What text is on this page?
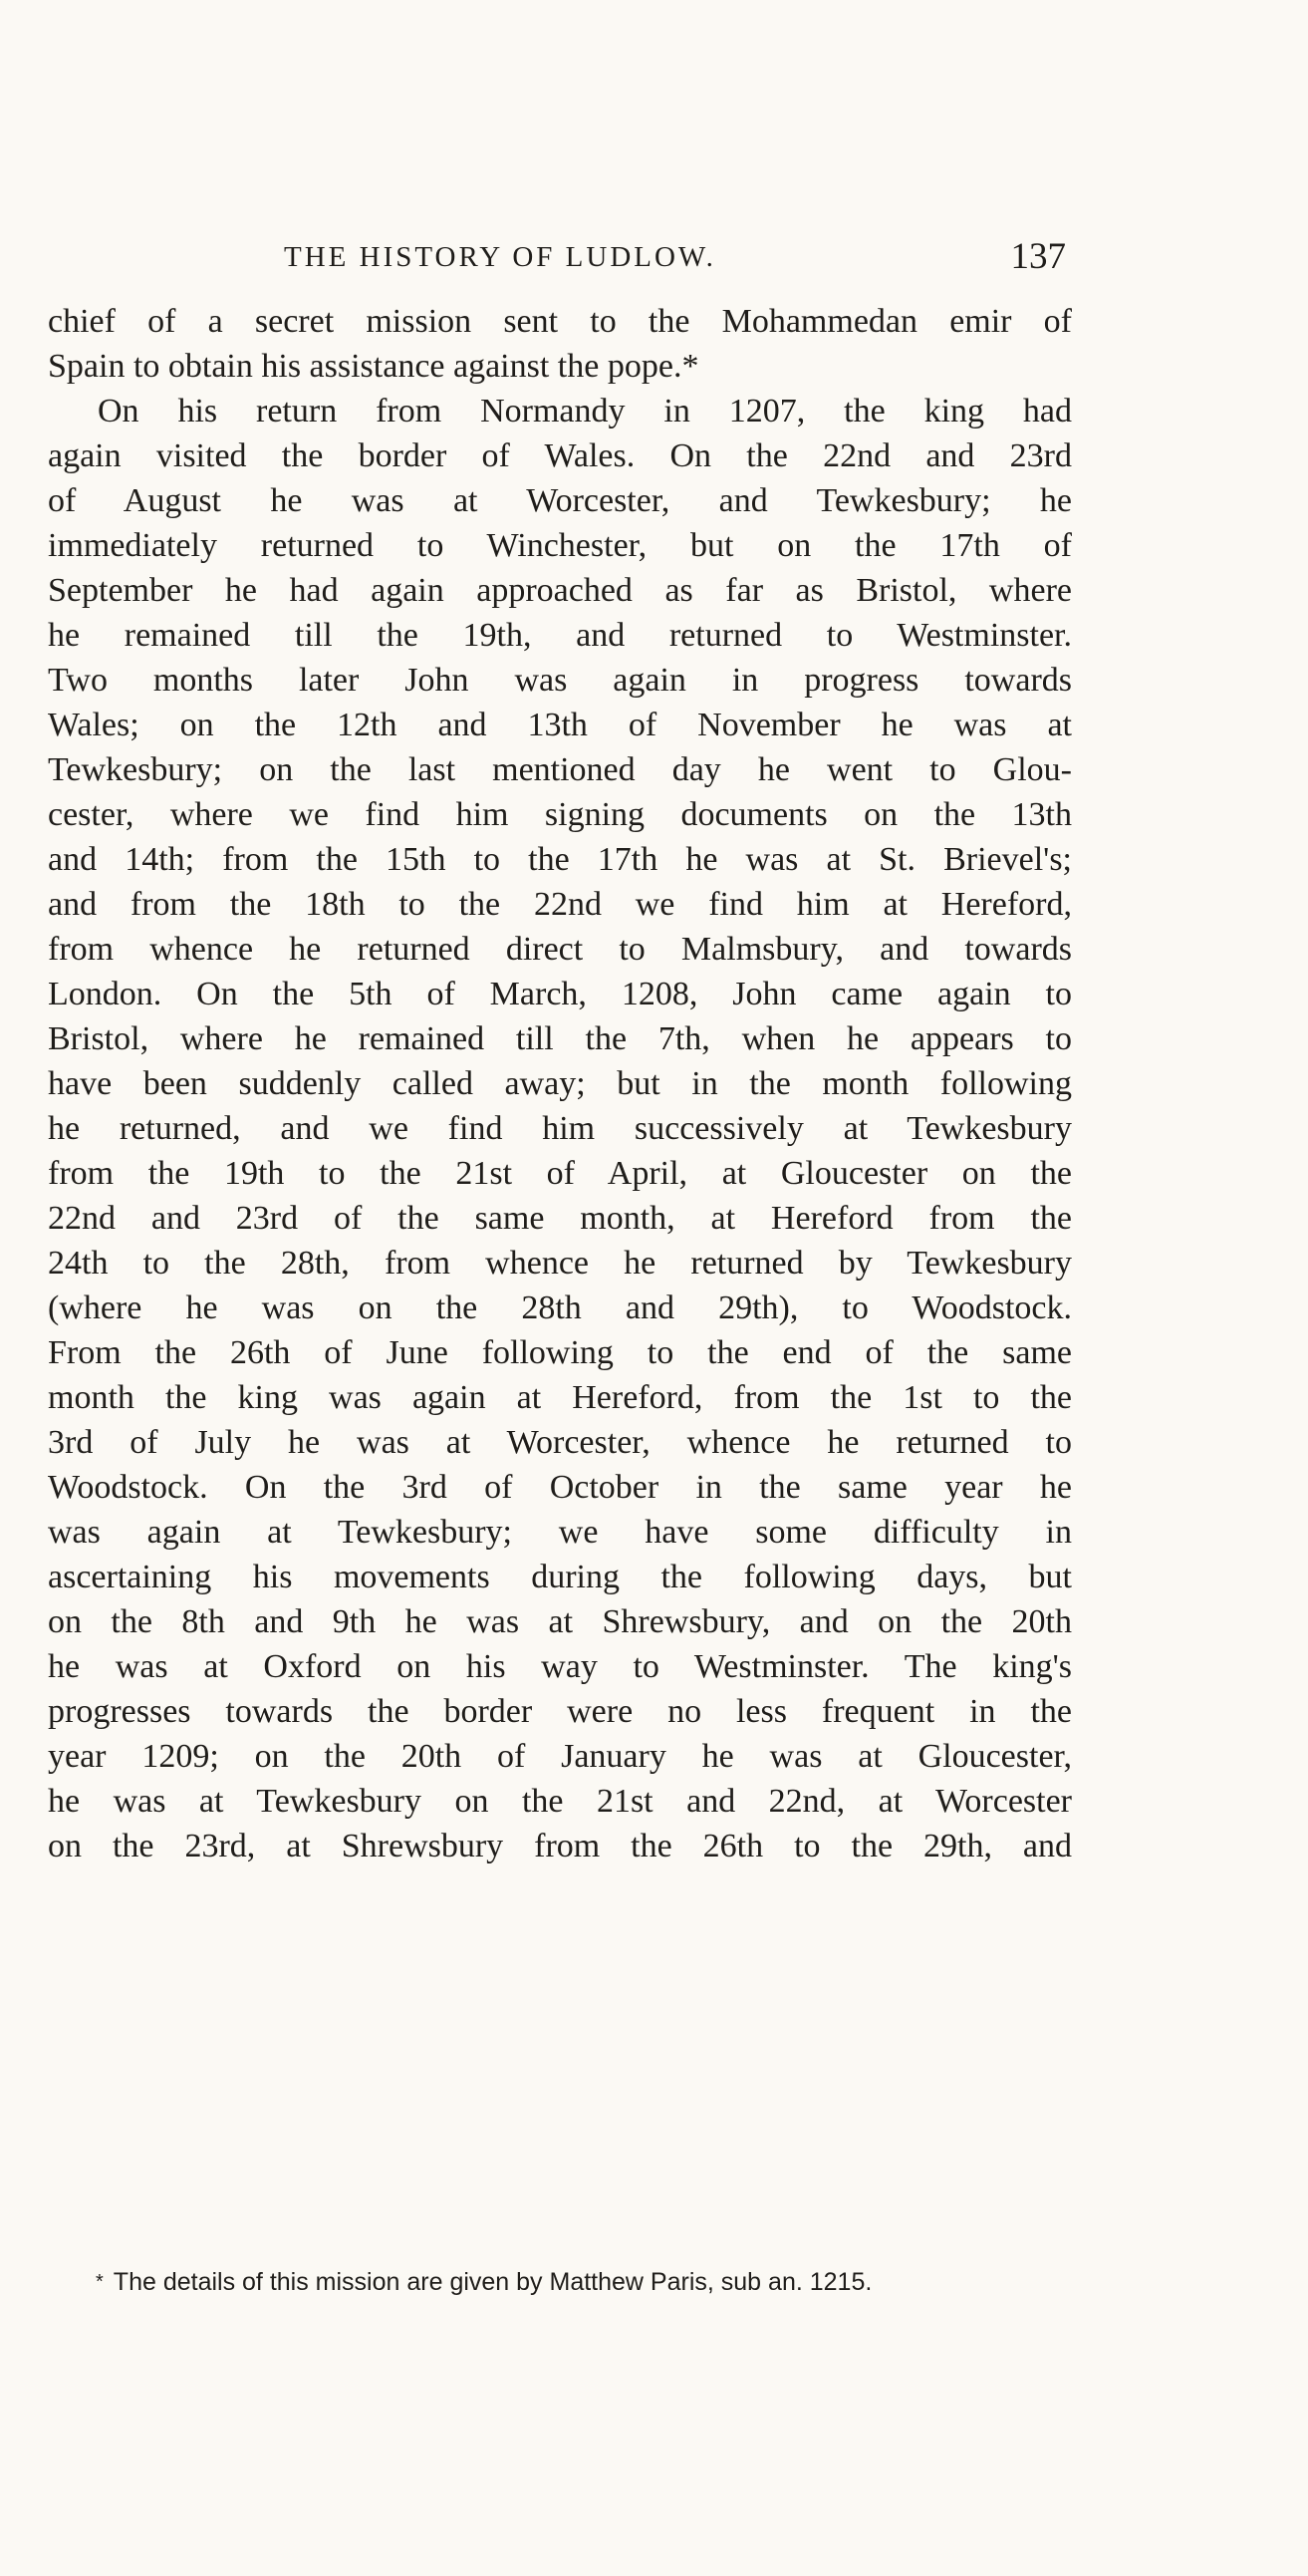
THE HISTORY OF LUDLOW.	137
chief of a secret mission sent to the Mohammedan emir of
Spain to obtain his assistance against the pope.*
On his return from Normandy in 1207, the king had
again visited the border of Wales. On the 22nd and 23rd
of August he was at Worcester, and Tewkesbury; he
immediately returned to Winchester, but on the 17th of
September he had again approached as far as Bristol, where
he remained till the 19th, and returned to Westminster.
Two months later John was again in progress towards
Wales; on the 12th and 13th of November he was at
Tewkesbury; on the last mentioned day he went to Glou-
cester, where we find him signing documents on the 13th
and 14th; from the 15th to the 17th he was at St. Brievel's;
and from the 18th to the 22nd we find him at Hereford,
from whence he returned direct to Malmsbury, and towards
London. On the 5th of March, 1208, John came again to
Bristol, where he remained till the 7th, when he appears to
have been suddenly called away; but in the month following
he returned, and we find him successively at Tewkesbury
from the 19th to the 21st of April, at Gloucester on the
22nd and 23rd of the same month, at Hereford from the
24th to the 28th, from whence he returned by Tewkesbury
(where he was on the 28th and 29th), to Woodstock.
From the 26th of June following to the end of the same
month the king was again at Hereford, from the 1st to the
3rd of July he was at Worcester, whence he returned to
Woodstock. On the 3rd of October in the same year he
was again at Tewkesbury; we have some difficulty in
ascertaining his movements during the following days, but
on the 8th and 9th he was at Shrewsbury, and on the 20th
he was at Oxford on his way to Westminster. The king's
progresses towards the border were no less frequent in the
year 1209; on the 20th of January he was at Gloucester,
he was at Tewkesbury on the 21st and 22nd, at Worcester
on the 23rd, at Shrewsbury from the 26th to the 29th, and
* The details of this mission are given by Matthew Paris, sub an. 1215.
